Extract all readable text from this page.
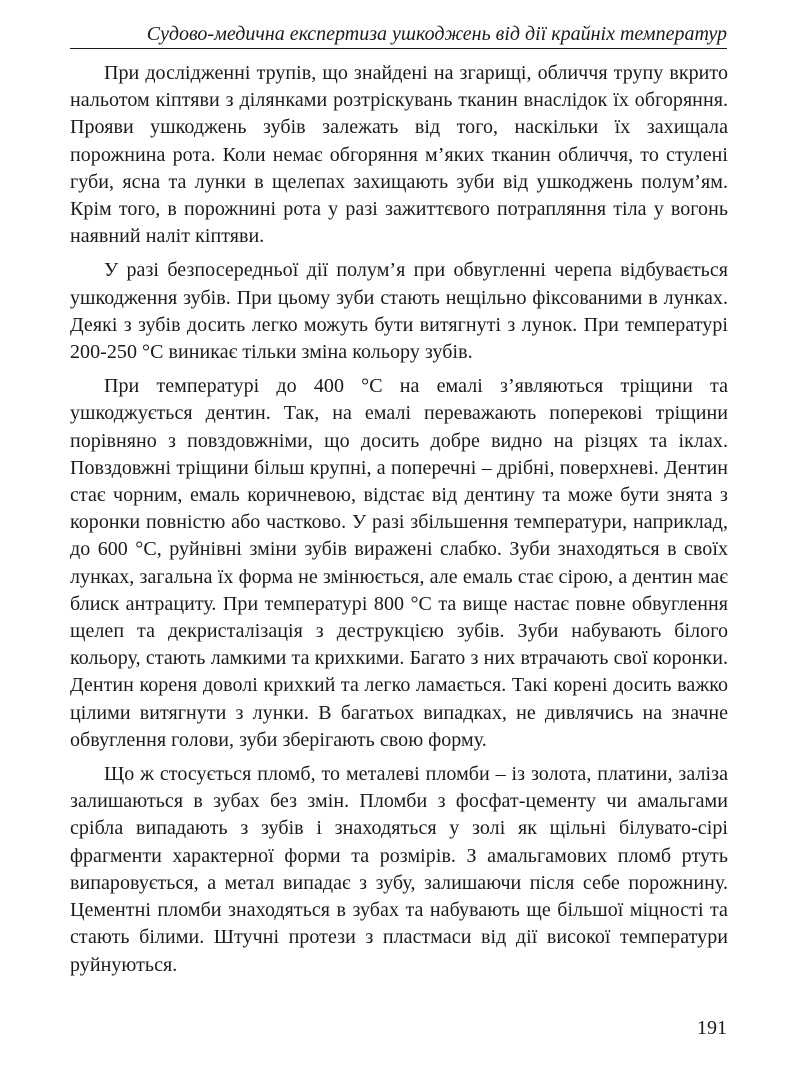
Судово-медична експертиза ушкоджень від дії крайніх температур

При дослідженні трупів, що знайдені на згарищі, обличчя трупу вкрито нальотом кіптяви з ділянками розтріскувань тканин внаслідок їх обгоряння. Прояви ушкоджень зубів залежать від того, наскільки їх захищала порожнина рота. Коли немає обгоряння м’яких тканин обличчя, то стулені губи, ясна та лунки в щелепах захищають зуби від ушкоджень полум’ям. Крім того, в порожнині рота у разі зажиттєвого потрапляння тіла у вогонь наявний наліт кіптяви.

У разі безпосередньої дії полум’я при обвугленні черепа відбувається ушкодження зубів. При цьому зуби стають нещільно фіксованими в лунках. Деякі з зубів досить легко можуть бути витягнуті з лунок. При температурі 200-250 °С виникає тільки зміна кольору зубів.

При температурі до 400 °С на емалі з’являються тріщини та ушкоджується дентин. Так, на емалі переважають поперекові тріщини порівняно з повздовжніми, що досить добре видно на різцях та іклах. Повздовжні тріщини більш крупні, а поперечні – дрібні, поверхневі. Дентин стає чорним, емаль коричневою, відстає від дентину та може бути знята з коронки повністю або частково. У разі збільшення температури, наприклад, до 600 °С, руйнівні зміни зубів виражені слабко. Зуби знаходяться в своїх лунках, загальна їх форма не змінюється, але емаль стає сірою, а дентин має блиск антрациту. При температурі 800 °С та вище настає повне обвуглення щелеп та декристалізація з деструкцією зубів. Зуби набувають білого кольору, стають ламкими та крихкими. Багато з них втрачають свої коронки. Дентин кореня доволі крихкий та легко ламається. Такі корені досить важко цілими витягнути з лунки. В багатьох випадках, не дивлячись на значне обвуглення голови, зуби зберігають свою форму.

Що ж стосується пломб, то металеві пломби – із золота, платини, заліза залишаються в зубах без змін. Пломби з фосфат-цементу чи амальгами срібла випадають з зубів і знаходяться у золі як щільні білувато-сірі фрагменти характерної форми та розмірів. З амальгамових пломб ртуть випаровується, а метал випадає з зубу, залишаючи після себе порожнину. Цементні пломби знаходяться в зубах та набувають ще більшої міцності та стають білими. Штучні протези з пластмаси від дії високої температури руйнуються.

191
